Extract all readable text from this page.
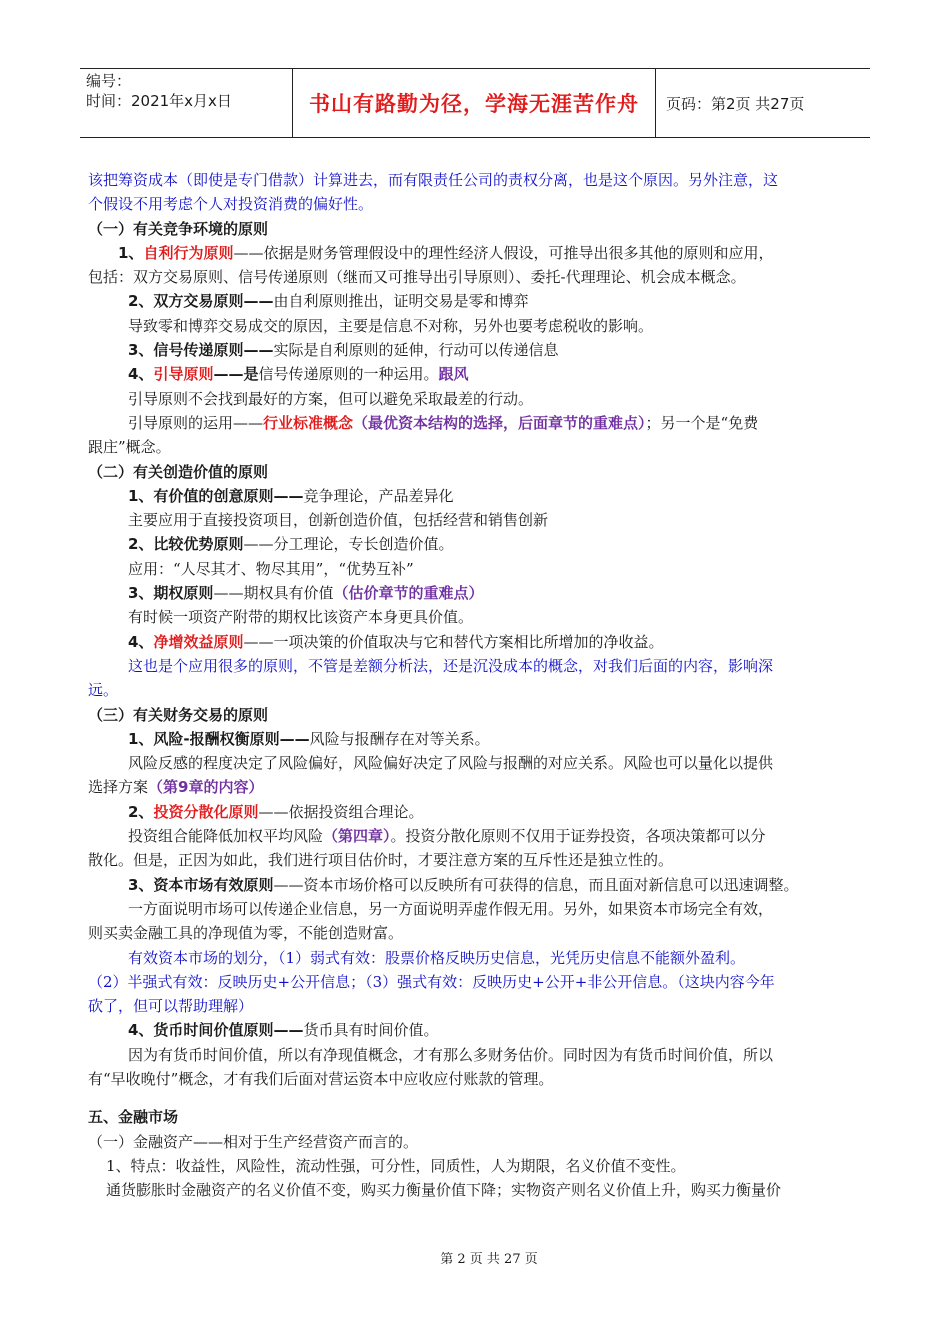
编号：
时间：2021年x月x日	书山有路勤为径，学海无涯苦作舟	页码：第2页 共27页

该把筹资成本（即使是专门借款）计算进去，而有限责任公司的责权分离，也是这个原因。另外注意，这

个假设不用考虑个人对投资消费的偏好性。

（一）有关竞争环境的原则

1、自利行为原则——依据是财务管理假设中的理性经济人假设，可推导出很多其他的原则和应用，

包括：双方交易原则、信号传递原则（继而又可推导出引导原则）、委托-代理理论、机会成本概念。

2、双方交易原则——由自利原则推出，证明交易是零和博弈

导致零和博弈交易成交的原因，主要是信息不对称，另外也要考虑税收的影响。

3、信号传递原则——实际是自利原则的延伸，行动可以传递信息

4、引导原则——是信号传递原则的一种运用。跟风

引导原则不会找到最好的方案，但可以避免采取最差的行动。

引导原则的运用——行业标准概念（最优资本结构的选择，后面章节的重难点）；另一个是“免费

跟庄”概念。

（二）有关创造价值的原则

1、有价值的创意原则——竞争理论，产品差异化

主要应用于直接投资项目，创新创造价值，包括经营和销售创新

2、比较优势原则——分工理论，专长创造价值。

应用：“人尽其才、物尽其用”，“优势互补”

3、期权原则——期权具有价值（估价章节的重难点）

有时候一项资产附带的期权比该资产本身更具价值。

4、净增效益原则——一项决策的价值取决与它和替代方案相比所增加的净收益。

这也是个应用很多的原则，不管是差额分析法，还是沉没成本的概念，对我们后面的内容，影响深

远。

（三）有关财务交易的原则

1、风险-报酬权衡原则——风险与报酬存在对等关系。

风险反感的程度决定了风险偏好，风险偏好决定了风险与报酬的对应关系。风险也可以量化以提供

选择方案（第9章的内容）

2、投资分散化原则——依据投资组合理论。

投资组合能降低加权平均风险（第四章）。投资分散化原则不仅用于证券投资，各项决策都可以分

散化。但是，正因为如此，我们进行项目估价时，才要注意方案的互斥性还是独立性的。

3、资本市场有效原则——资本市场价格可以反映所有可获得的信息，而且面对新信息可以迅速调整。

一方面说明市场可以传递企业信息，另一方面说明弄虚作假无用。另外，如果资本市场完全有效，

则买卖金融工具的净现值为零，不能创造财富。

有效资本市场的划分，（1）弱式有效：股票价格反映历史信息，光凭历史信息不能额外盈利。

（2）半强式有效：反映历史+公开信息；（3）强式有效：反映历史+公开+非公开信息。（这块内容今年

砍了，但可以帮助理解）

4、货币时间价值原则——货币具有时间价值。

因为有货币时间价值，所以有净现值概念，才有那么多财务估价。同时因为有货币时间价值，所以

有“早收晚付”概念，才有我们后面对营运资本中应收应付账款的管理。

五、金融市场

（一）金融资产——相对于生产经营资产而言的。

1、特点：收益性，风险性，流动性强，可分性，同质性，人为期限，名义价值不变性。

通货膨胀时金融资产的名义价值不变，购买力衡量价值下降；实物资产则名义价值上升，购买力衡量价

第 2 页 共 27 页
